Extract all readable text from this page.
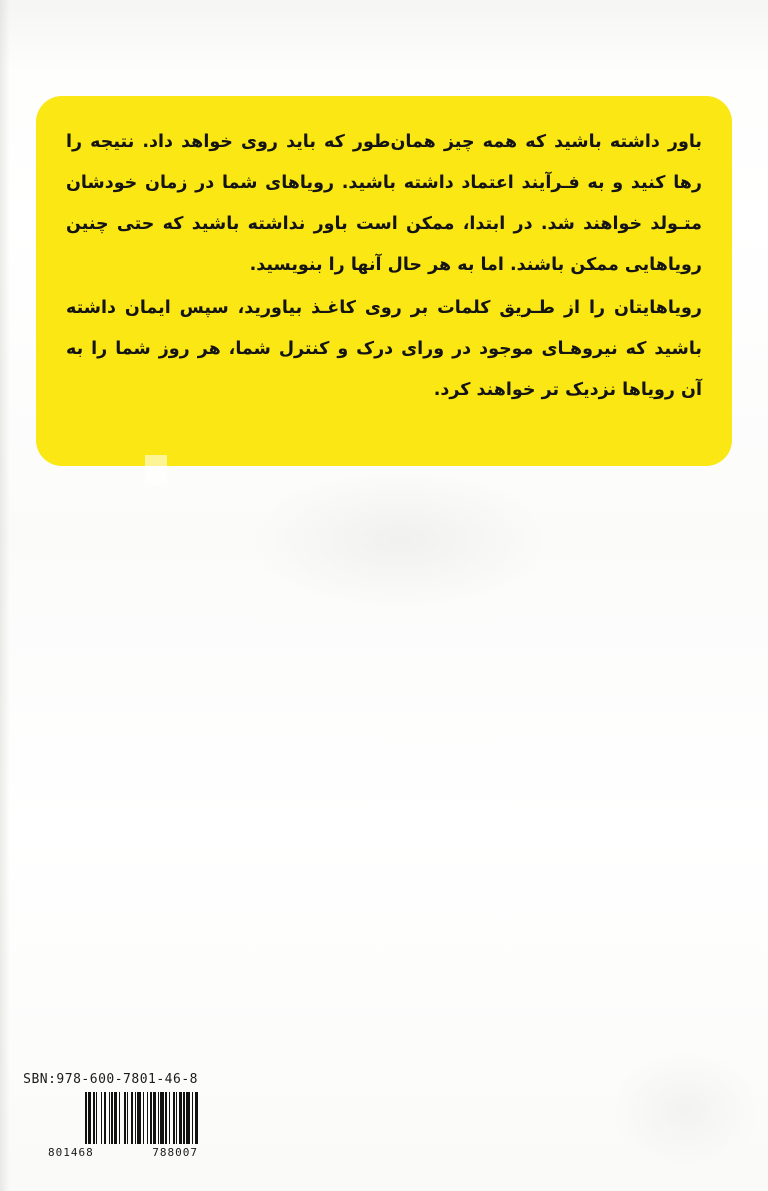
باور داشته باشید که همه چیز همان‌طور که باید روی خواهد داد. نتیجه را رها کنید و به فـرآیند اعتماد داشته باشید. رویاهای شما در زمان خودشان متـولد خواهند شد. در ابتدا، ممکن است باور نداشته باشید که حتی چنین رویاهایی ممکن باشند. اما به هر حال آنها را بنویسید.

رویاهایتان را از طـریق کلمات بر روی کاغـذ بیاورید، سپس ایمان داشته باشید که نیروهـای موجود در ورای درک و کنترل شما، هر روز شما را به آن رویاها نزدیک تر خواهند کرد.

SBN:978-600-7801-46-8
788007
801468
